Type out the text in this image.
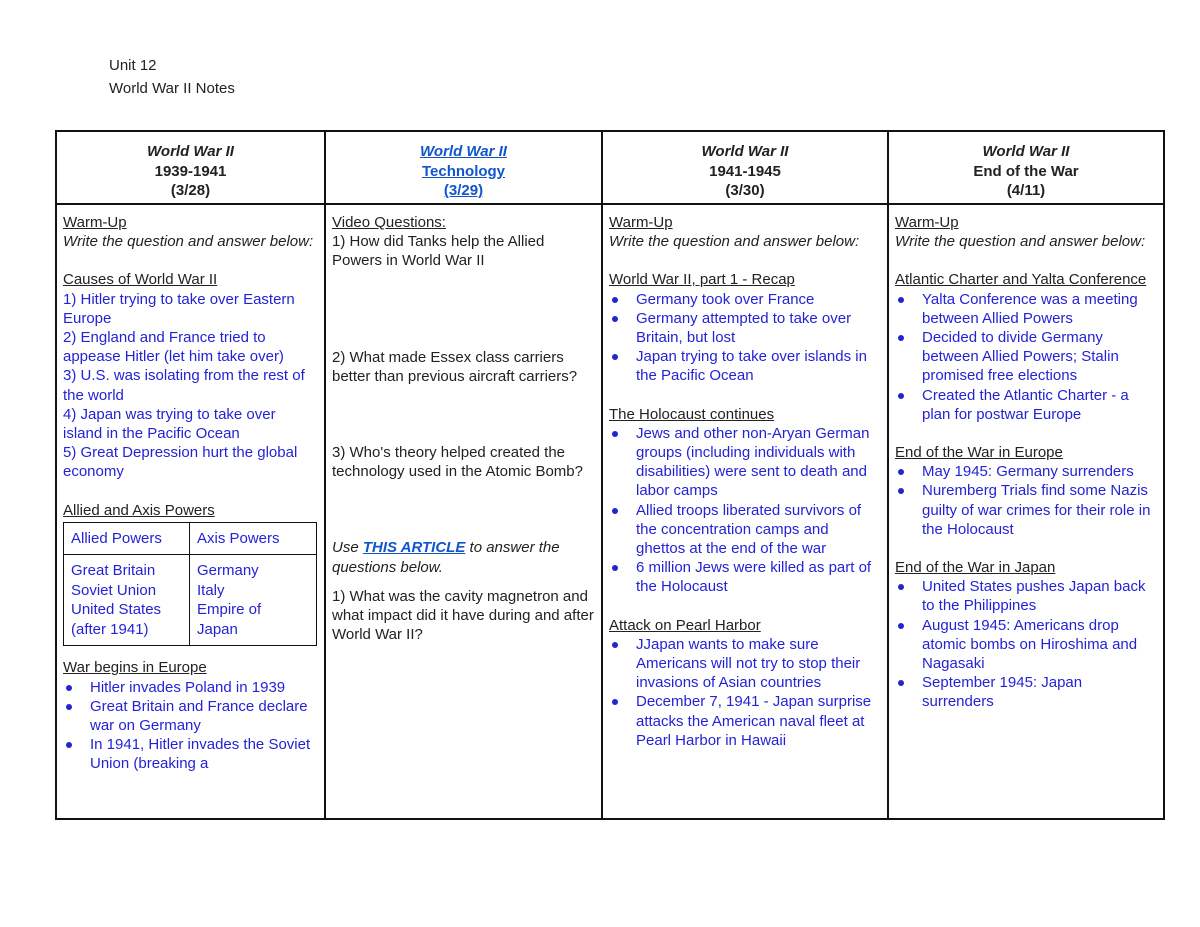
Unit 12
World War II Notes
World War II
1939-1941
(3/28)

World War II
Technology
(3/29)

World War II
1941-1945
(3/30)

World War II
End of the War
(4/11)

Warm-Up
Write the question and answer below:
Causes of World War II
1) Hitler trying to take over Eastern Europe
2) England and France tried to appease Hitler (let him take over)
3) U.S. was isolating from the rest of the world
4) Japan was trying to take over island in the Pacific Ocean
5) Great Depression hurt the global economy
Allied and Axis Powers
Allied Powers	Axis Powers

Great Britain
Soviet Union
United States
(after 1941)

Germany
Italy
Empire of
Japan
War begins in Europe
Hitler invades Poland in 1939
Great Britain and France declare war on Germany
In 1941, Hitler invades the Soviet Union (breaking a

Video Questions:
1) How did Tanks help the Allied Powers in World War II
2) What made Essex class carriers better than previous aircraft carriers?
3) Who's theory helped created the technology used in the Atomic Bomb?
Use THIS ARTICLE to answer the questions below.
1) What was the cavity magnetron and what impact did it have during and after World War II?

Warm-Up
Write the question and answer below:
World War II, part 1 - Recap
Germany took over France
Germany attempted to take over Britain, but lost
Japan trying to take over islands in the Pacific Ocean
The Holocaust continues
Jews and other non-Aryan German groups (including individuals with disabilities) were sent to death and labor camps
Allied troops liberated survivors of the concentration camps and ghettos at the end of the war
6 million Jews were killed as part of the Holocaust
Attack on Pearl Harbor
JJapan wants to make sure Americans will not try to stop their invasions of Asian countries
December 7, 1941 - Japan surprise attacks the American naval fleet at Pearl Harbor in Hawaii

Warm-Up
Write the question and answer below:
Atlantic Charter and Yalta Conference
Yalta Conference was a meeting between Allied Powers
Decided to divide Germany between Allied Powers; Stalin promised free elections
Created the Atlantic Charter - a plan for postwar Europe
End of the War in Europe
May 1945: Germany surrenders
Nuremberg Trials find some Nazis guilty of war crimes for their role in the Holocaust
End of the War in Japan
United States pushes Japan back to the Philippines
August 1945: Americans drop atomic bombs on Hiroshima and Nagasaki
September 1945: Japan surrenders
